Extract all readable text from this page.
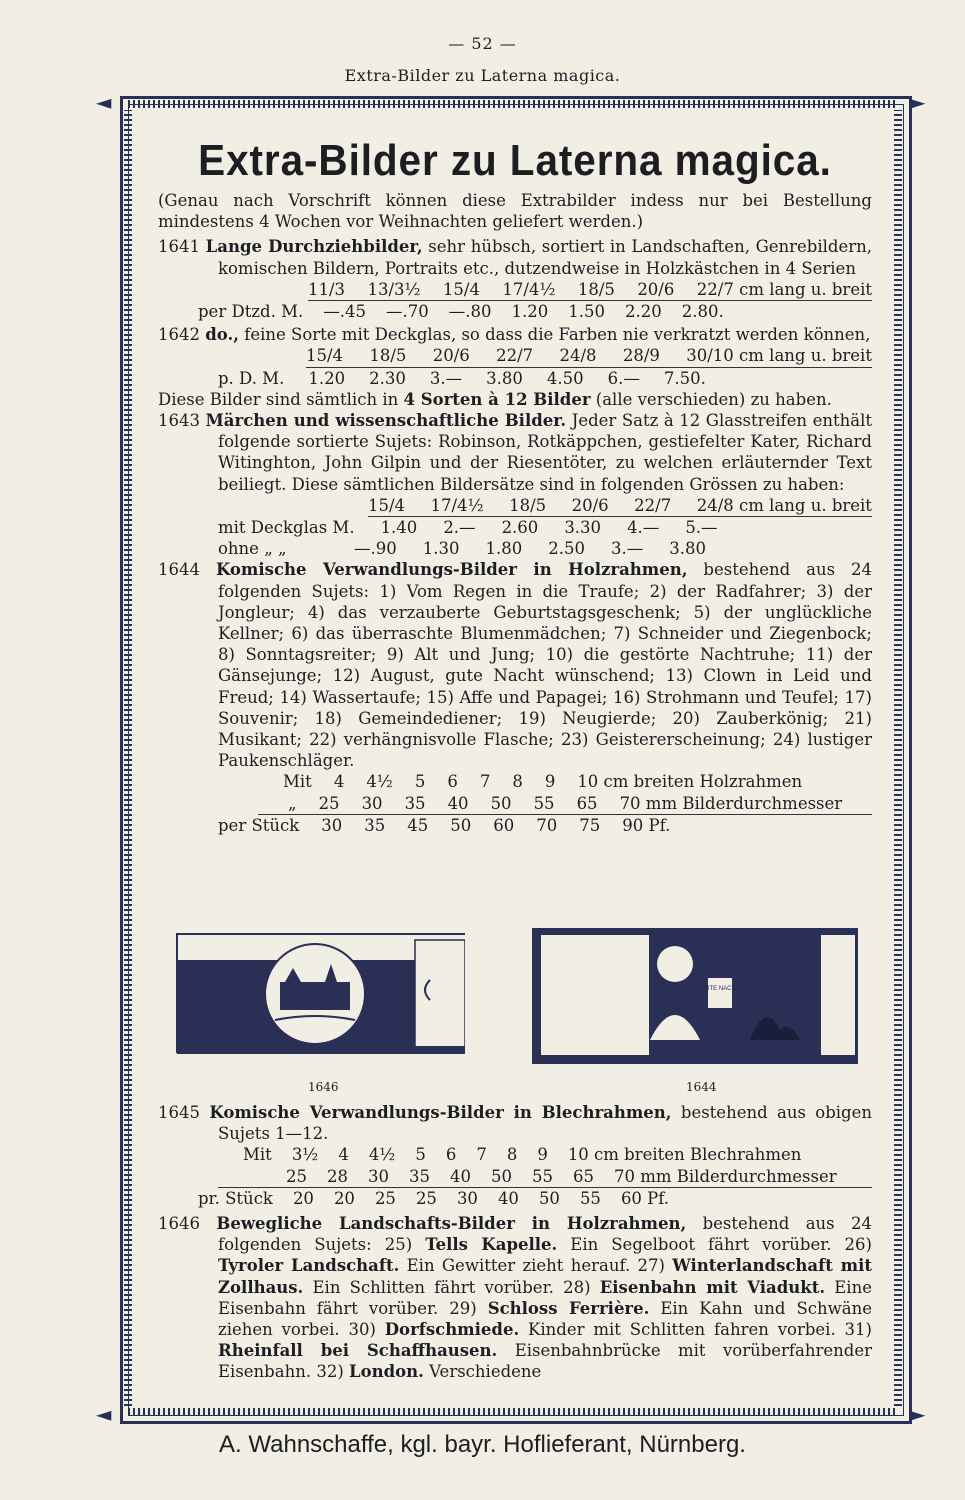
— 52 —
Extra-Bilder zu Laterna magica.
◄	►
◄	►
Extra-Bilder zu Laterna magica.

(Genau nach Vorschrift können diese Extrabilder indess nur bei Bestellung mindestens 4 Wochen vor Weihnachten geliefert werden.)

1641 Lange Durchziehbilder, sehr hübsch, sortiert in Landschaften, Genrebildern, komischen Bildern, Portraits etc., dutzendweise in Holzkästchen in 4 Serien

11/3 13/3½ 15/4 17/4½ 18/5 20/6 22/7 cm lang u. breit
per Dtzd. M. —.45 —.70 —.80 1.20 1.50 2.20 2.80.

1642 do., feine Sorte mit Deckglas, so dass die Farben nie verkratzt werden können,

15/4 18/5 20/6 22/7 24/8 28/9 30/10 cm lang u. breit
p. D. M. 1.20 2.30 3.— 3.80 4.50 6.— 7.50.

Diese Bilder sind sämtlich in 4 Sorten à 12 Bilder (alle verschieden) zu haben.

1643 Märchen und wissenschaftliche Bilder. Jeder Satz à 12 Glasstreifen enthält folgende sortierte Sujets: Robinson, Rotkäppchen, gestiefelter Kater, Richard Witinghton, John Gilpin und der Riesentöter, zu welchen erläuternder Text beiliegt. Diese sämtlichen Bildersätze sind in folgenden Grössen zu haben:

15/4 17/4½ 18/5 20/6 22/7 24/8 cm lang u. breit
mit Deckglas M. 1.40 2.— 2.60 3.30 4.— 5.—
ohne „ „	—.90 1.30 1.80 2.50 3.— 3.80

1644 Komische Verwandlungs-Bilder in Holzrahmen, bestehend aus 24 folgenden Sujets: 1) Vom Regen in die Traufe; 2) der Radfahrer; 3) der Jongleur; 4) das verzauberte Geburtstagsgeschenk; 5) der unglückliche Kellner; 6) das überraschte Blumenmädchen; 7) Schneider und Ziegenbock; 8) Sonntagsreiter; 9) Alt und Jung; 10) die gestörte Nachtruhe; 11) der Gänsejunge; 12) August, gute Nacht wünschend; 13) Clown in Leid und Freud; 14) Wassertaufe; 15) Affe und Papagei; 16) Strohmann und Teufel; 17) Souvenir; 18) Gemeindediener; 19) Neugierde; 20) Zauberkönig; 21) Musikant; 22) verhängnisvolle Flasche; 23) Geistererscheinung; 24) lustiger Paukenschläger.

Mit 4 4½ 5 6 7 8 9 10 cm breiten Holzrahmen
„ 25 30 35 40 50 55 65 70 mm Bilderdurchmesser
per Stück 30 35 45 50 60 70 75 90 Pf.
1646
GUTE NACHT
1644

1645 Komische Verwandlungs-Bilder in Blechrahmen, bestehend aus obigen Sujets 1—12.

Mit 3½ 4 4½ 5 6 7 8 9 10 cm breiten Blechrahmen
25 28 30 35 40 50 55 65 70 mm Bilderdurchmesser
pr. Stück 20 20 25 25 30 40 50 55 60 Pf.

1646 Bewegliche Landschafts-Bilder in Holzrahmen, bestehend aus 24 folgenden Sujets: 25) Tells Kapelle. Ein Segelboot fährt vorüber. 26) Tyroler Landschaft. Ein Gewitter zieht herauf. 27) Winterlandschaft mit Zollhaus. Ein Schlitten fährt vorüber. 28) Eisenbahn mit Viadukt. Eine Eisenbahn fährt vorüber. 29) Schloss Ferrière. Ein Kahn und Schwäne ziehen vorbei. 30) Dorfschmiede. Kinder mit Schlitten fahren vorbei. 31) Rheinfall bei Schaffhausen. Eisenbahnbrücke mit vorüberfahrender Eisenbahn. 32) London. Verschiedene

A. Wahnschaffe, kgl. bayr. Hoflieferant, Nürnberg.
